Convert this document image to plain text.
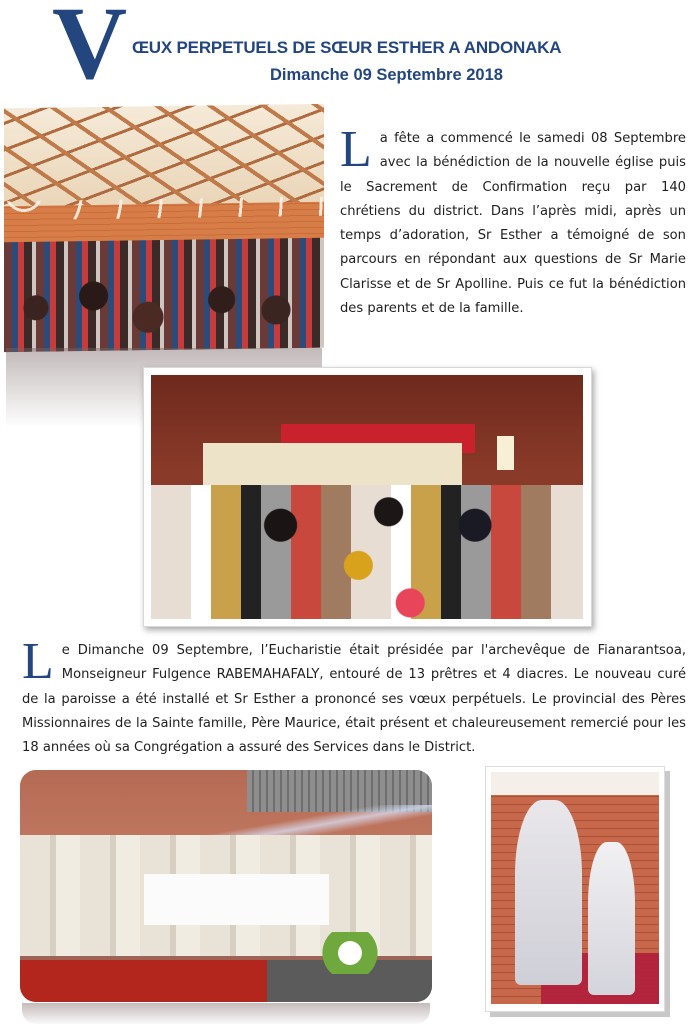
V ŒUX PERPETUELS DE SŒUR ESTHER A ANDONAKA
Dimanche 09 Septembre 2018
L a fête a commencé le samedi 08 Septembre avec la bénédiction de la nouvelle église puis le Sacrement de Confirmation reçu par 140 chrétiens du district. Dans l’après midi, après un temps d’adoration, Sr Esther a témoigné de son parcours en répondant aux questions de Sr Marie Clarisse et de Sr Apolline. Puis ce fut la bénédiction des parents et de la famille.
L e Dimanche 09 Septembre, l’Eucharistie était présidée par l'archevêque de Fianarantsoa, Monseigneur Fulgence RABEMAHAFALY, entouré de 13 prêtres et 4 diacres. Le nouveau curé de la paroisse a été installé et Sr Esther a prononcé ses vœux perpétuels. Le provincial des Pères Missionnaires de la Sainte famille, Père Maurice, était présent et chaleureusement remercié pour les 18 années où sa Congrégation a assuré des Services dans le District.
